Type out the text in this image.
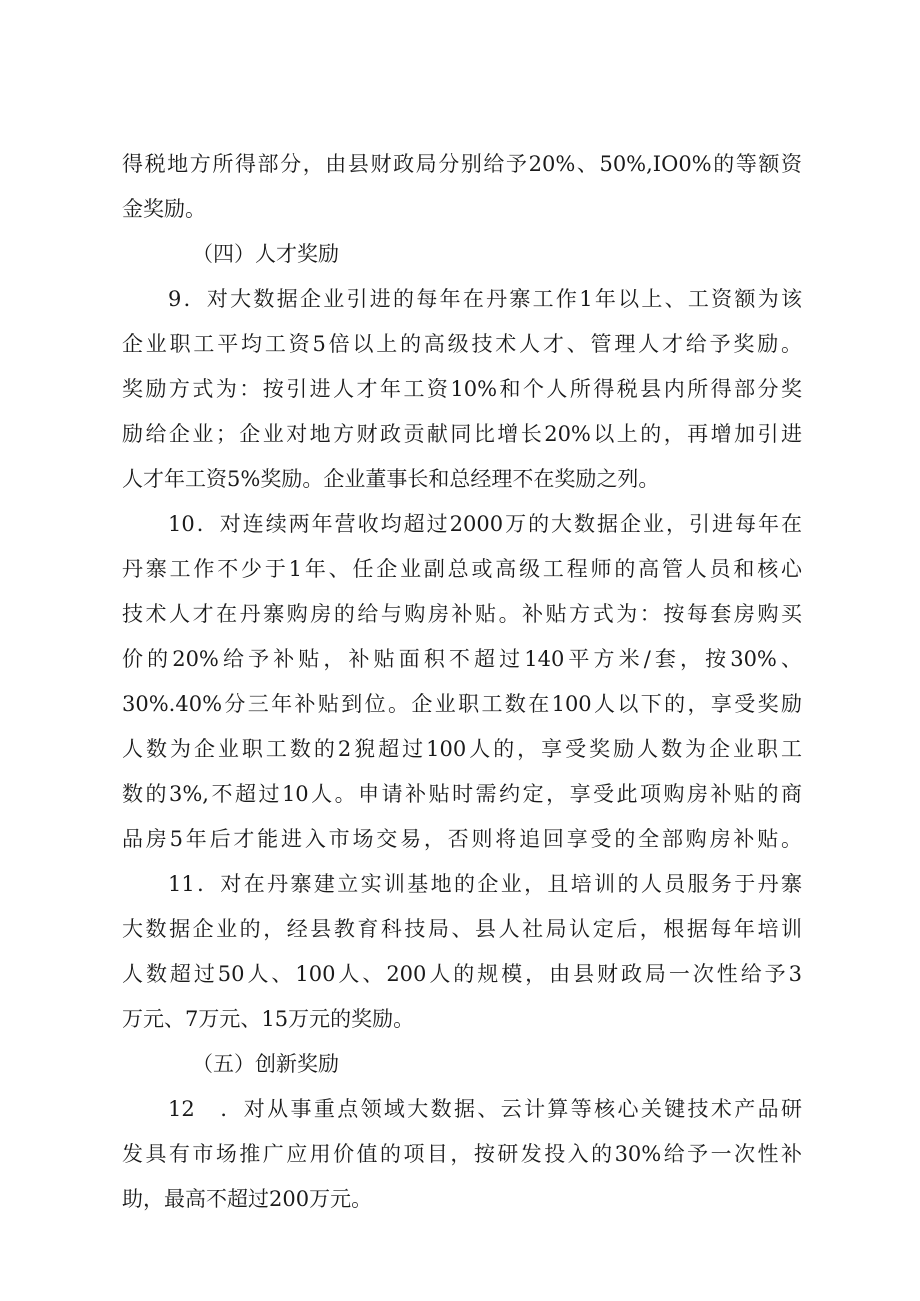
得税地方所得部分，由县财政局分别给予20%、50%,IO0%的等额资
金奖励。
（四）人才奖励
9．对大数据企业引进的每年在丹寨工作1年以上、工资额为该
企业职工平均工资5倍以上的高级技术人才、管理人才给予奖励。
奖励方式为：按引进人才年工资10%和个人所得税县内所得部分奖
励给企业；企业对地方财政贡献同比增长20%以上的，再增加引进
人才年工资5%奖励。企业董事长和总经理不在奖励之列。
10．对连续两年营收均超过2000万的大数据企业，引进每年在
丹寨工作不少于1年、任企业副总或高级工程师的高管人员和核心
技术人才在丹寨购房的给与购房补贴。补贴方式为：按每套房购买
价的20%给予补贴，补贴面积不超过140平方米/套，按30%、
30%.40%分三年补贴到位。企业职工数在100人以下的，享受奖励
人数为企业职工数的2猊超过100人的，享受奖励人数为企业职工
数的3%,不超过10人。申请补贴时需约定，享受此项购房补贴的商
品房5年后才能进入市场交易，否则将追回享受的全部购房补贴。
11．对在丹寨建立实训基地的企业，且培训的人员服务于丹寨
大数据企业的，经县教育科技局、县人社局认定后，根据每年培训
人数超过50人、100人、200人的规模，由县财政局一次性给予3
万元、7万元、15万元的奖励。
（五）创新奖励
12　．对从事重点领域大数据、云计算等核心关键技术产品研
发具有市场推广应用价值的项目，按研发投入的30%给予一次性补
助，最高不超过200万元。
